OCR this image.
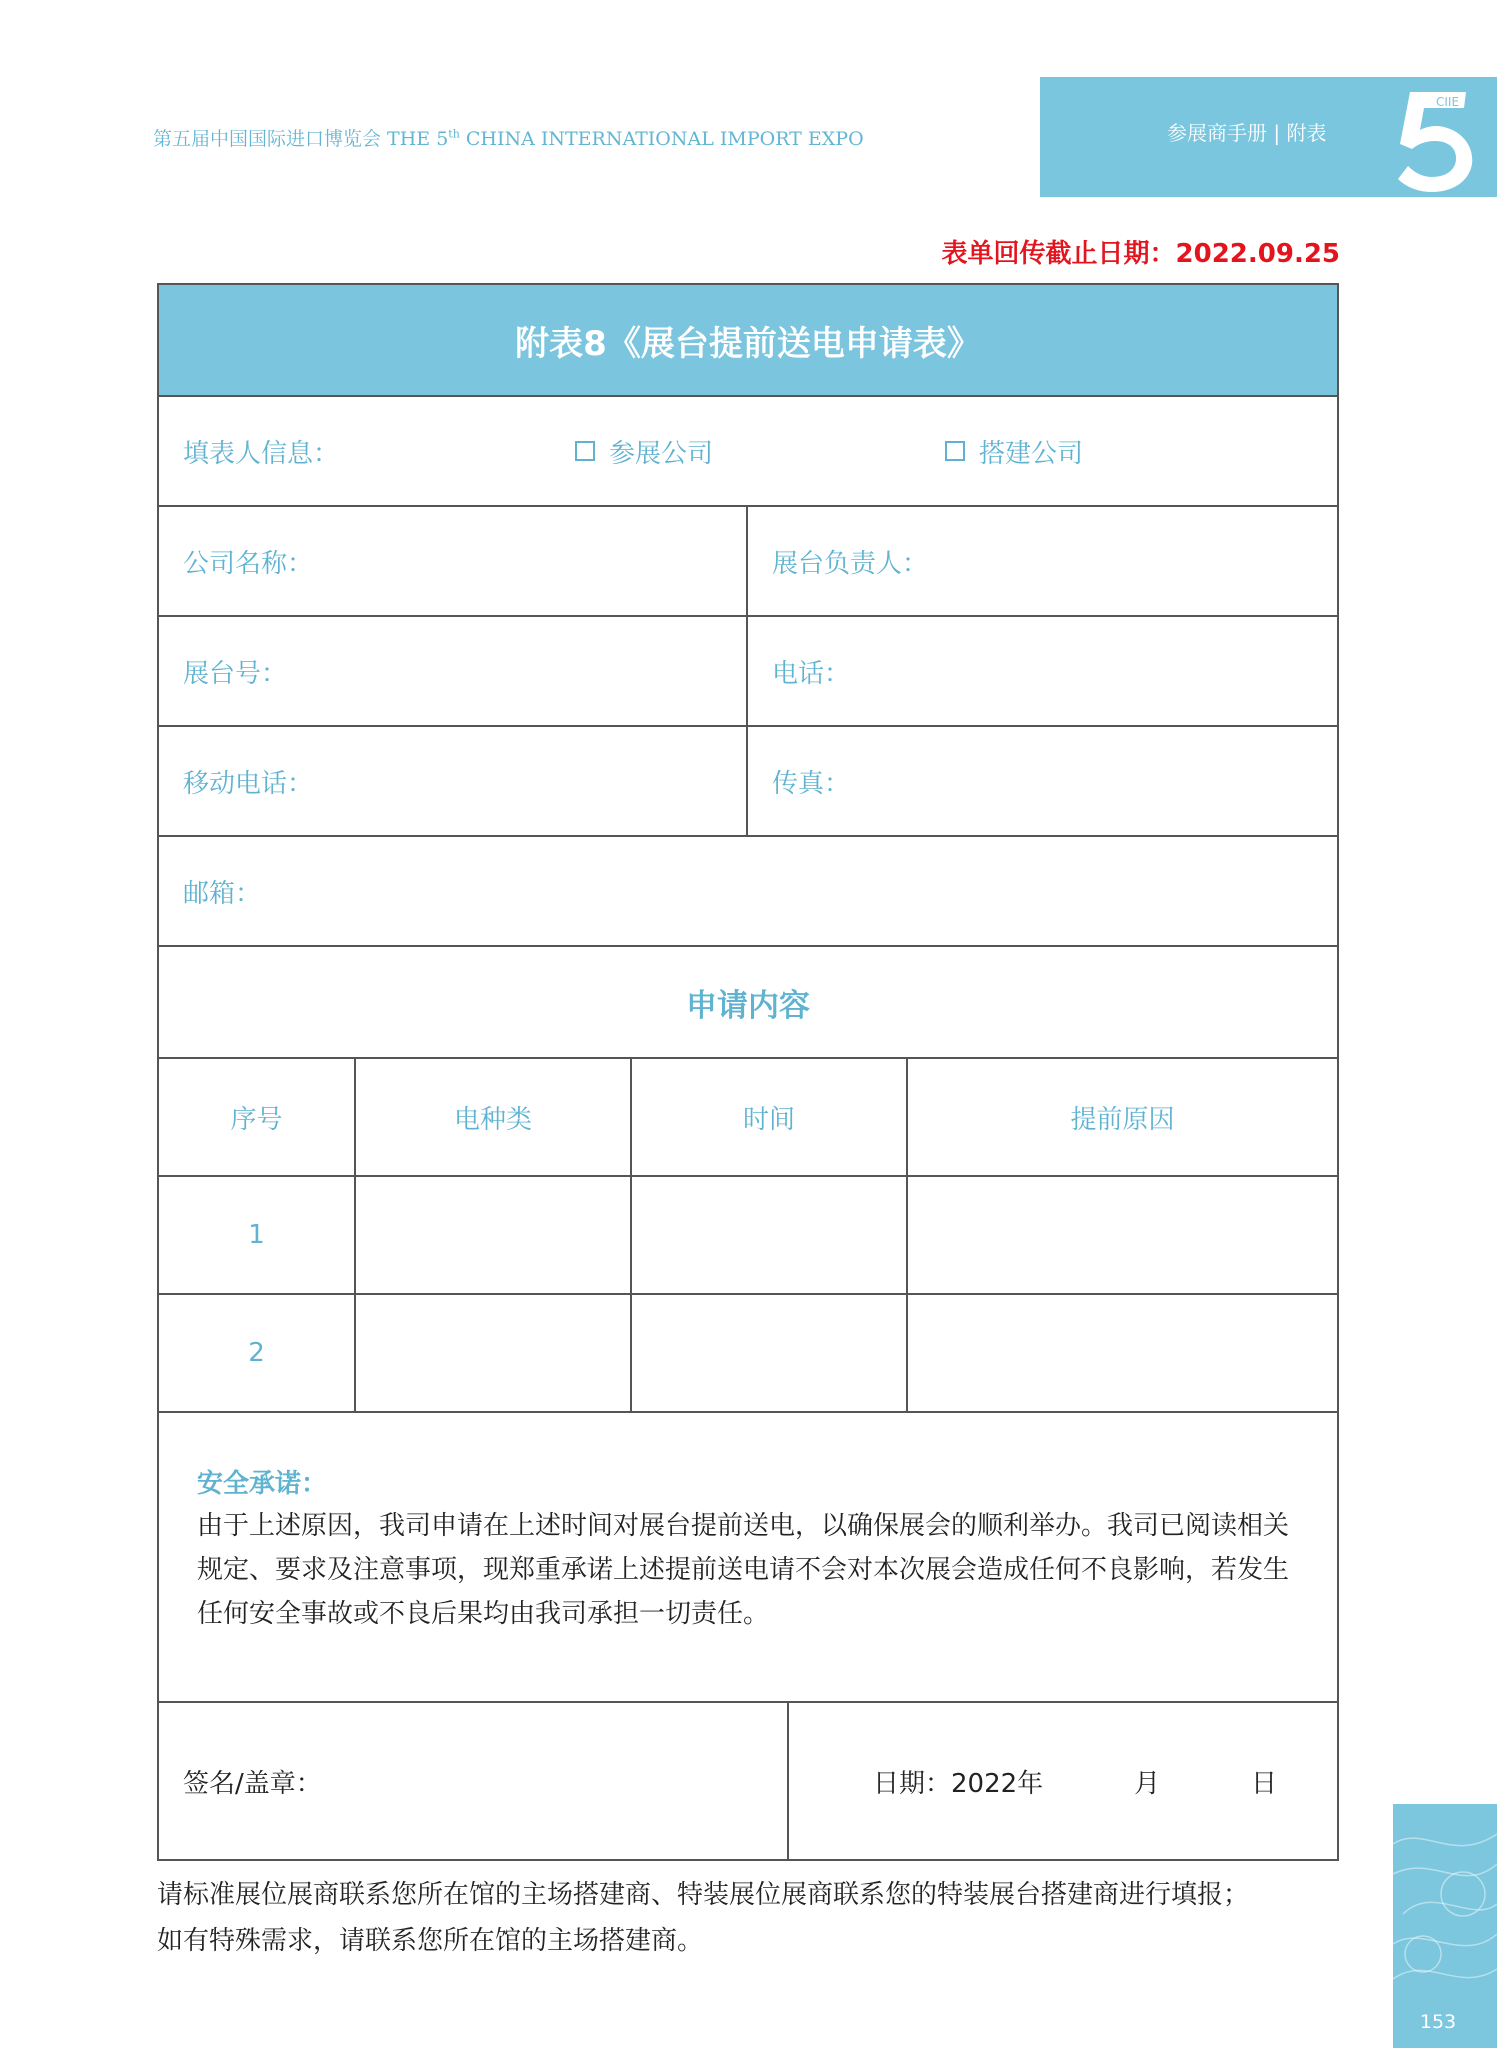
第五届中国国际进口博览会 THE 5th CHINA INTERNATIONAL IMPORT EXPO	参展商手册 | 附表
CIIE
表单回传截止日期：2022.09.25
附表8《展台提前送电申请表》
填表人信息：	参展公司	搭建公司
公司名称：	展台负责人：
展台号：	电话：
移动电话：	传真：
邮箱：
申请内容
序号	电种类	时间	提前原因
1
2
安全承诺：
由于上述原因，我司申请在上述时间对展台提前送电，以确保展会的顺利举办。我司已阅读相关规定、要求及注意事项，现郑重承诺上述提前送电请不会对本次展会造成任何不良影响，若发生任何安全事故或不良后果均由我司承担一切责任。
签名/盖章：	日期：2022年           月           日
请标准展位展商联系您所在馆的主场搭建商、特装展位展商联系您的特装展台搭建商进行填报；
如有特殊需求，请联系您所在馆的主场搭建商。
153
